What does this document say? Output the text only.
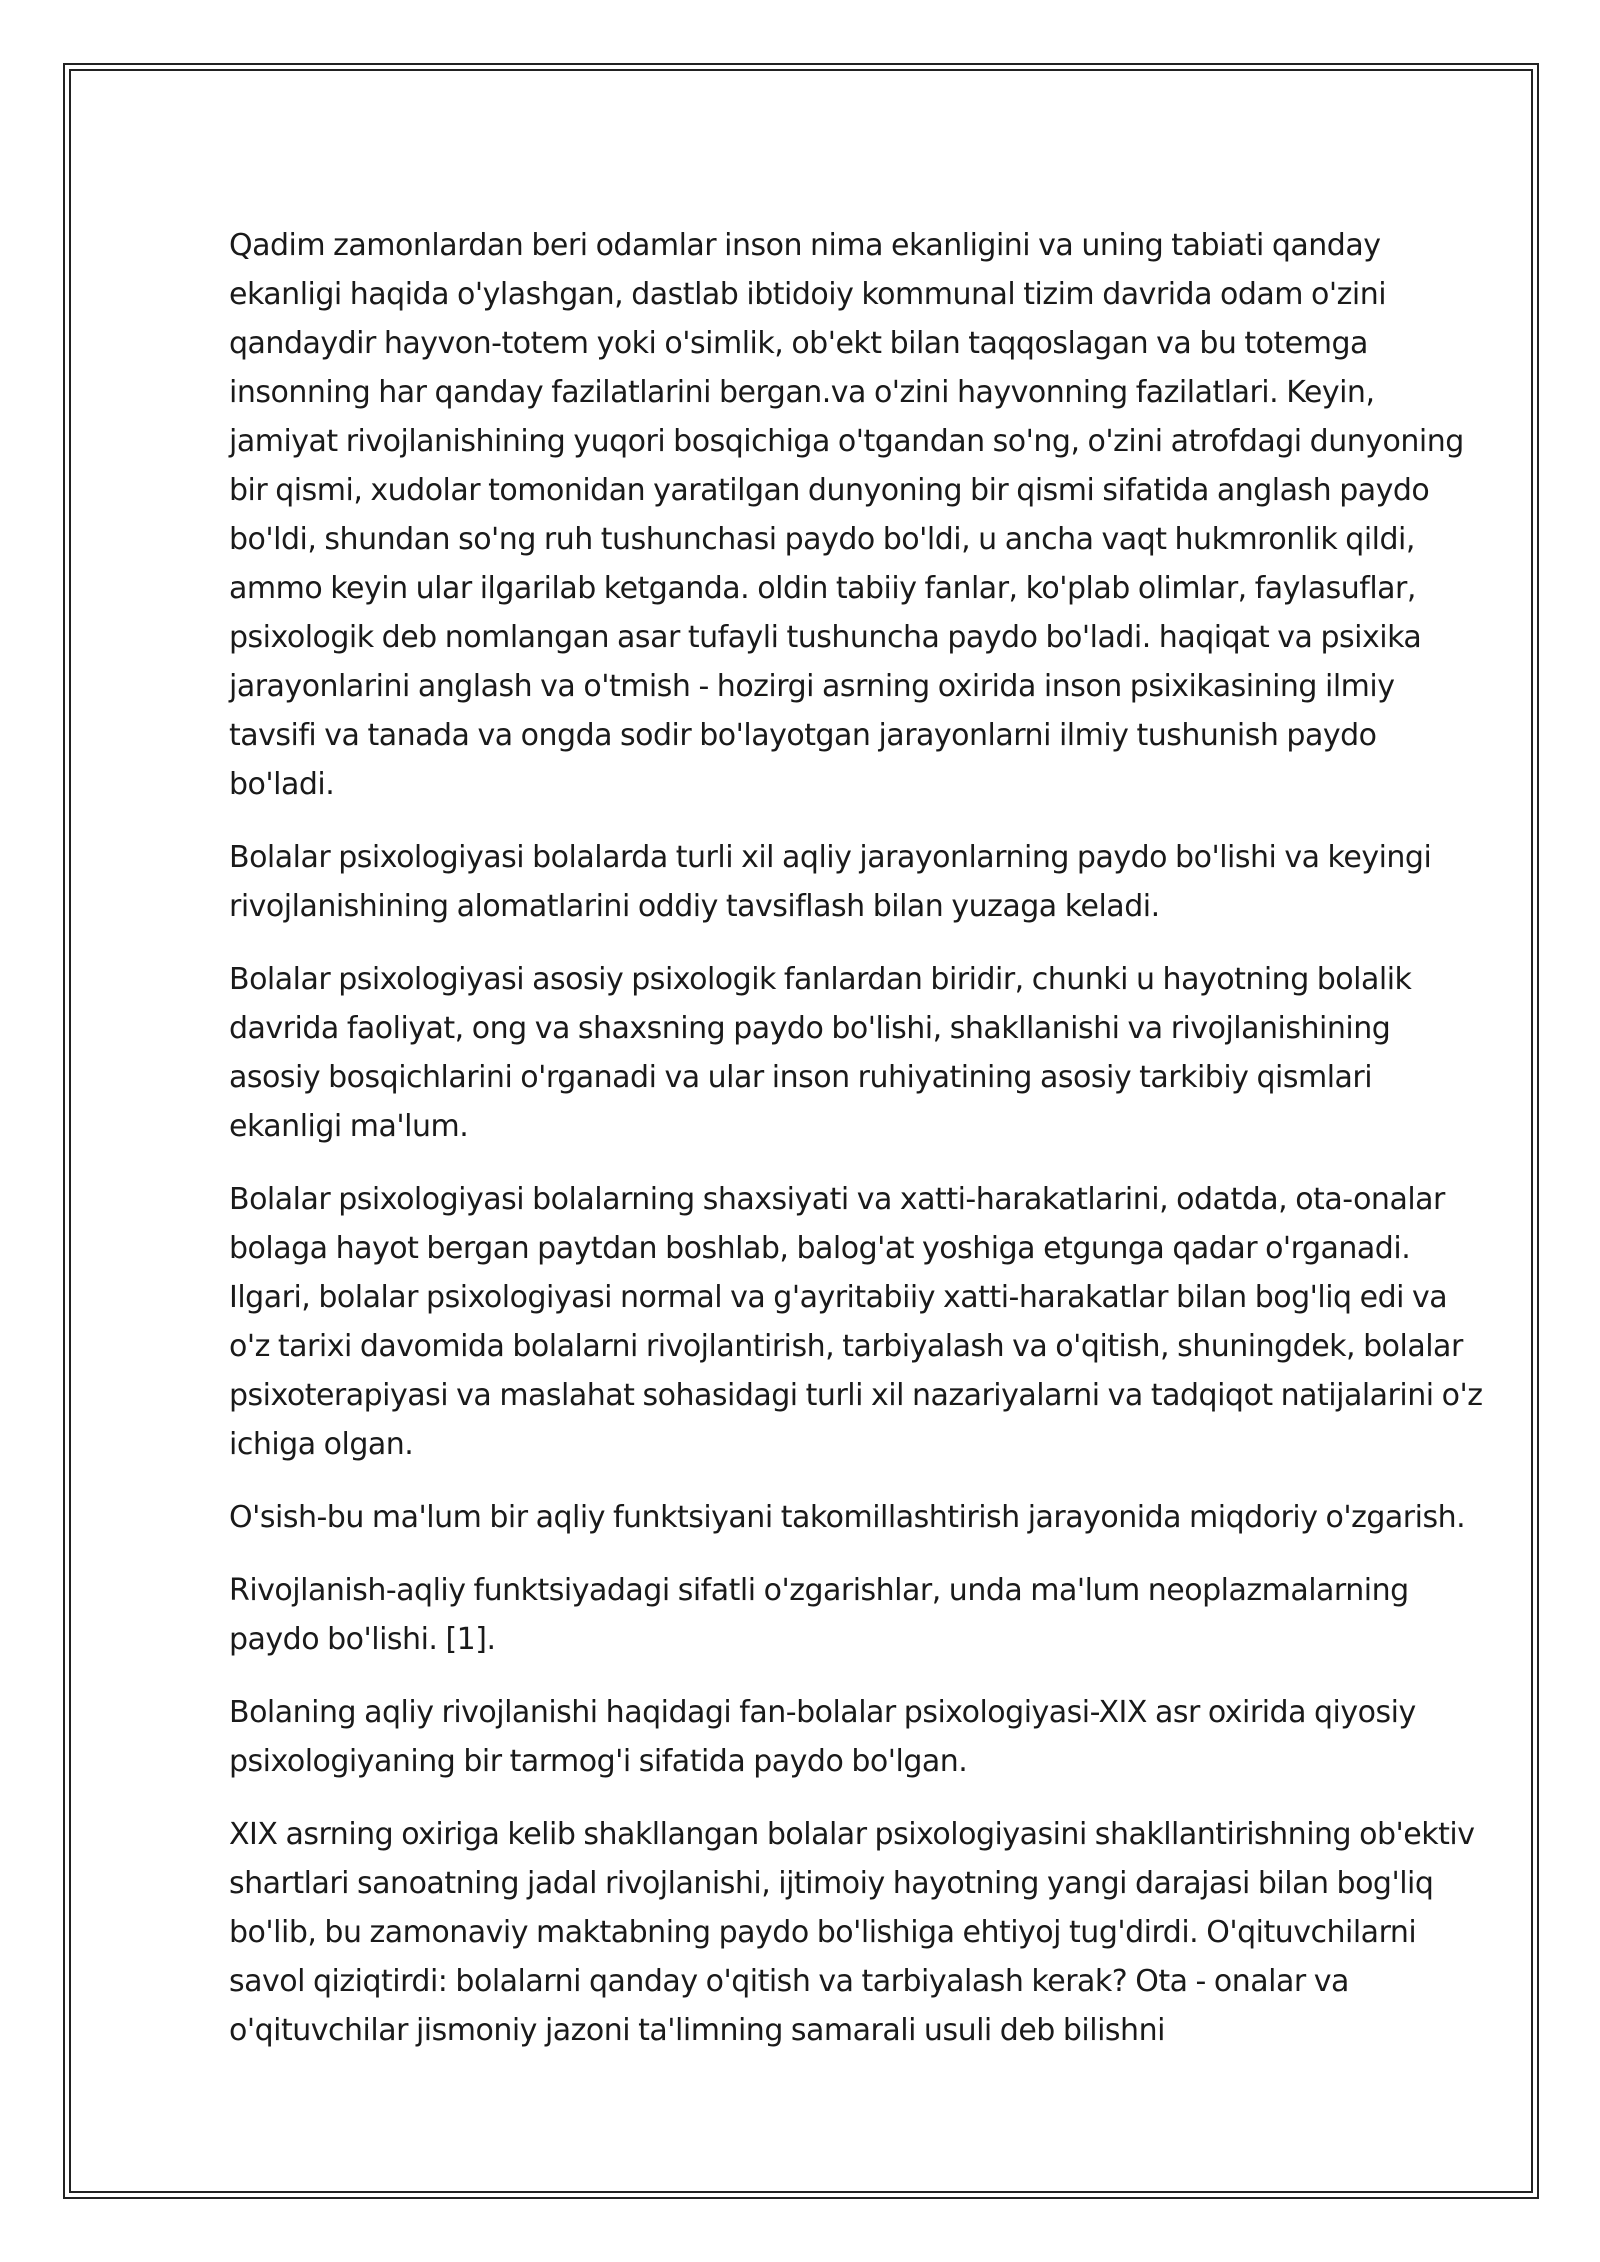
Qadim zamonlardan beri odamlar inson nima ekanligini va uning tabiati qanday ekanligi haqida o'ylashgan, dastlab ibtidoiy kommunal tizim davrida odam o'zini qandaydir hayvon-totem yoki o'simlik, ob'ekt bilan taqqoslagan va bu totemga insonning har qanday fazilatlarini bergan.va o'zini hayvonning fazilatlari. Keyin, jamiyat rivojlanishining yuqori bosqichiga o'tgandan so'ng, o'zini atrofdagi dunyoning bir qismi, xudolar tomonidan yaratilgan dunyoning bir qismi sifatida anglash paydo bo'ldi, shundan so'ng ruh tushunchasi paydo bo'ldi, u ancha vaqt hukmronlik qildi, ammo keyin ular ilgarilab ketganda. oldin tabiiy fanlar, ko'plab olimlar, faylasuflar, psixologik deb nomlangan asar tufayli tushuncha paydo bo'ladi. haqiqat va psixika jarayonlarini anglash va o'tmish - hozirgi asrning oxirida inson psixikasining ilmiy tavsifi va tanada va ongda sodir bo'layotgan jarayonlarni ilmiy tushunish paydo bo'ladi.

Bolalar psixologiyasi bolalarda turli xil aqliy jarayonlarning paydo bo'lishi va keyingi rivojlanishining alomatlarini oddiy tavsiflash bilan yuzaga keladi.

Bolalar psixologiyasi asosiy psixologik fanlardan biridir, chunki u hayotning bolalik davrida faoliyat, ong va shaxsning paydo bo'lishi, shakllanishi va rivojlanishining asosiy bosqichlarini o'rganadi va ular inson ruhiyatining asosiy tarkibiy qismlari ekanligi ma'lum.

Bolalar psixologiyasi bolalarning shaxsiyati va xatti-harakatlarini, odatda, ota-onalar bolaga hayot bergan paytdan boshlab, balog'at yoshiga etgunga qadar o'rganadi. Ilgari, bolalar psixologiyasi normal va g'ayritabiiy xatti-harakatlar bilan bog'liq edi va o'z tarixi davomida bolalarni rivojlantirish, tarbiyalash va o'qitish, shuningdek, bolalar psixoterapiyasi va maslahat sohasidagi turli xil nazariyalarni va tadqiqot natijalarini o'z ichiga olgan.

O'sish-bu ma'lum bir aqliy funktsiyani takomillashtirish jarayonida miqdoriy o'zgarish.

Rivojlanish-aqliy funktsiyadagi sifatli o'zgarishlar, unda ma'lum neoplazmalarning paydo bo'lishi. [1].

Bolaning aqliy rivojlanishi haqidagi fan-bolalar psixologiyasi-XIX asr oxirida qiyosiy psixologiyaning bir tarmog'i sifatida paydo bo'lgan.

XIX asrning oxiriga kelib shakllangan bolalar psixologiyasini shakllantirishning ob'ektiv shartlari sanoatning jadal rivojlanishi, ijtimoiy hayotning yangi darajasi bilan bog'liq bo'lib, bu zamonaviy maktabning paydo bo'lishiga ehtiyoj tug'dirdi. O'qituvchilarni savol qiziqtirdi: bolalarni qanday o'qitish va tarbiyalash kerak? Ota - onalar va o'qituvchilar jismoniy jazoni ta'limning samarali usuli deb bilishni
